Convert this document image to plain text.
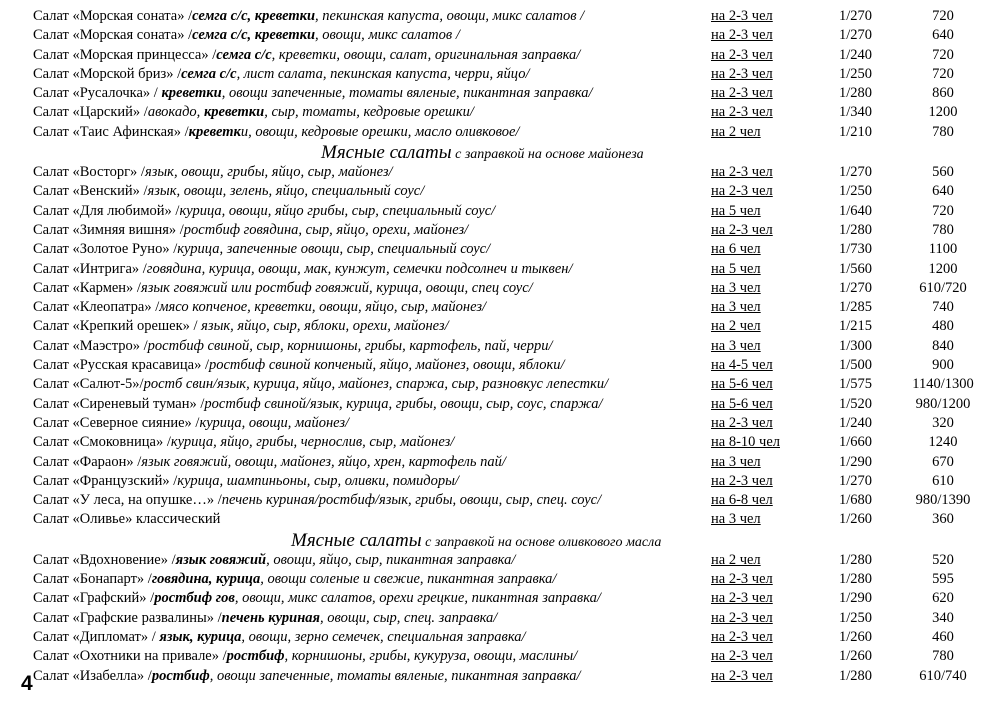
Салат «Морская соната» /семга с/с, креветки, пекинская капуста, овощи, микс салатов /	на 2-3 чел	1/270	720
Салат «Морская соната» /семга с/с, креветки, овощи, микс салатов /	на 2-3 чел	1/270	640
Салат «Морская принцесса» /семга с/с, креветки, овощи, салат, оригинальная заправка/	на 2-3 чел	1/240	720
Салат «Морской бриз» /семга с/с, лист салата, пекинская капуста, черри, яйцо/	на 2-3 чел	1/250	720
Салат «Русалочка» / креветки, овощи запеченные, томаты вяленые, пикантная заправка/	на 2-3 чел	1/280	860
Салат «Царский» /авокадо, креветки, сыр, томаты, кедровые орешки/	на 2-3 чел	1/340	1200
Салат «Таис Афинская» /креветки, овощи, кедровые орешки, масло оливковое/	на 2 чел	1/210	780
Мясные салаты с заправкой на основе майонеза
Салат «Восторг» /язык, овощи, грибы, яйцо, сыр, майонез/	на 2-3 чел	1/270	560
Салат «Венский» /язык, овощи, зелень, яйцо, специальный соус/	на 2-3 чел	1/250	640
Салат «Для любимой» /курица, овощи, яйцо грибы, сыр, специальный соус/	на 5 чел	1/640	720
Салат «Зимняя вишня» /ростбиф говядина, сыр, яйцо, орехи, майонез/	на 2-3 чел	1/280	780
Салат «Золотое Руно» /курица, запеченные овощи, сыр, специальный соус/	на 6 чел	1/730	1100
Салат «Интрига» /говядина, курица, овощи, мак, кунжут, семечки подсолнеч и тыквен/	на 5 чел	1/560	1200
Салат «Кармен» /язык говяжий или ростбиф говяжий, курица, овощи, спец соус/	на 3 чел	1/270	610/720
Салат «Клеопатра» /мясо копченое, креветки, овощи, яйцо, сыр, майонез/	на 3 чел	1/285	740
Салат «Крепкий орешек» / язык, яйцо, сыр, яблоки, орехи, майонез/	на 2 чел	1/215	480
Салат «Маэстро» /ростбиф свиной, сыр, корнишоны, грибы, картофель, пай, черри/	на 3 чел	1/300	840
Салат «Русская красавица» /ростбиф свиной копченый, яйцо, майонез, овощи, яблоки/	на 4-5 чел	1/500	900
Салат «Салют-5»/ростб свин/язык, курица, яйцо, майонез, спаржа, сыр, разновкус лепестки/	на 5-6 чел	1/575	1140/1300
Салат «Сиреневый туман» /ростбиф свиной/язык, курица, грибы, овощи, сыр, соус, спаржа/	на 5-6 чел	1/520	980/1200
Салат «Северное сияние» /курица, овощи, майонез/	на 2-3 чел	1/240	320
Салат «Смоковница» /курица, яйцо, грибы, чернослив, сыр, майонез/	на 8-10 чел	1/660	1240
Салат «Фараон» /язык говяжий, овощи, майонез, яйцо, хрен, картофель пай/	на 3 чел	1/290	670
Салат «Французский» /курица, шампиньоны, сыр, оливки, помидоры/	на 2-3 чел	1/270	610
Салат «У леса, на опушке…» /печень куриная/ростбиф/язык, грибы, овощи, сыр, спец. соус/	на 6-8 чел	1/680	980/1390
Салат «Оливье» классический	на 3 чел	1/260	360
Мясные салаты с заправкой на основе оливкового масла
Салат «Вдохновение» /язык говяжий, овощи, яйцо, сыр, пикантная заправка/	на 2 чел	1/280	520
Салат «Бонапарт» /говядина, курица, овощи соленые и свежие, пикантная заправка/	на 2-3 чел	1/280	595
Салат «Графский» /ростбиф гов, овощи, микс салатов, орехи грецкие, пикантная заправка/	на 2-3 чел	1/290	620
Салат «Графские развалины» /печень куриная, овощи, сыр, спец. заправка/	на 2-3 чел	1/250	340
Салат «Дипломат» / язык, курица, овощи, зерно семечек, специальная заправка/	на 2-3 чел	1/260	460
Салат «Охотники на привале» /ростбиф, корнишоны, грибы, кукуруза, овощи, маслины/	на 2-3 чел	1/260	780
Салат «Изабелла» /ростбиф, овощи запеченные, томаты вяленые, пикантная заправка/	на 2-3 чел	1/280	610/740
4
